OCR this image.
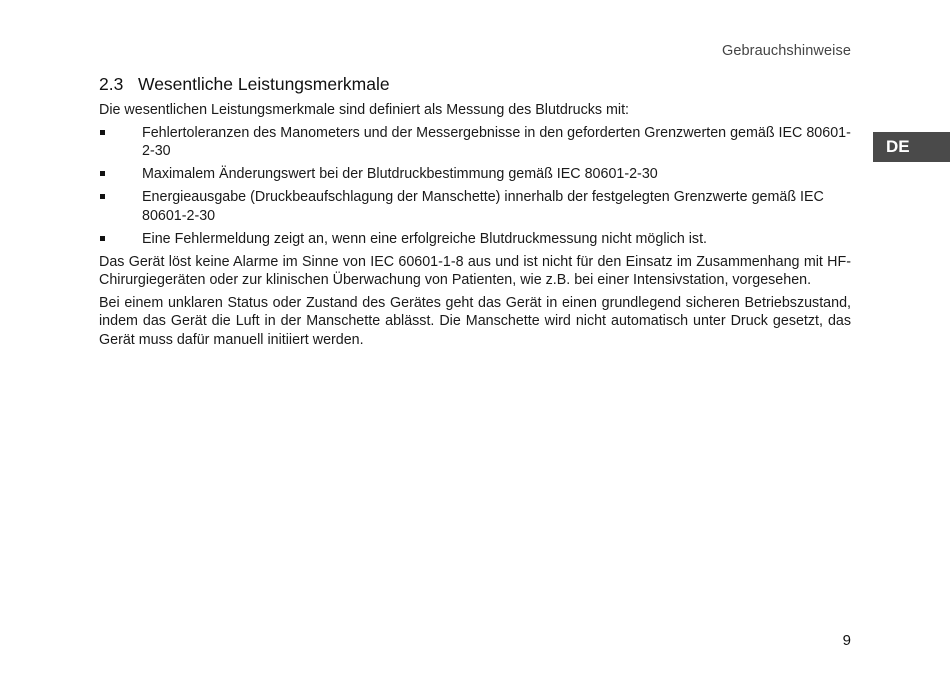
Gebrauchshinweise
DE
2.3 Wesentliche Leistungsmerkmale

Die wesentlichen Leistungsmerkmale sind definiert als Messung des Blutdrucks mit:

Fehlertoleranzen des Manometers und der Messergebnisse in den geforderten Grenzwerten gemäß IEC 80601-2-30
Maximalem Änderungswert bei der Blutdruckbestimmung gemäß IEC 80601-2-30
Energieausgabe (Druckbeaufschlagung der Manschette) innerhalb der festgelegten Grenzwerte gemäß IEC 80601-2-30
Eine Fehlermeldung zeigt an, wenn eine erfolgreiche Blutdruckmessung nicht möglich ist.

Das Gerät löst keine Alarme im Sinne von IEC 60601-1-8 aus und ist nicht für den Einsatz im Zusammenhang mit HF-Chirurgiegeräten oder zur klinischen Überwachung von Patienten, wie z.B. bei einer Intensivstation, vorgesehen.

Bei einem unklaren Status oder Zustand des Gerätes geht das Gerät in einen grundlegend sicheren Betriebszustand, indem das Gerät die Luft in der Manschette ablässt. Die Manschette wird nicht automatisch unter Druck gesetzt, das Gerät muss dafür manuell initiiert werden.

9
